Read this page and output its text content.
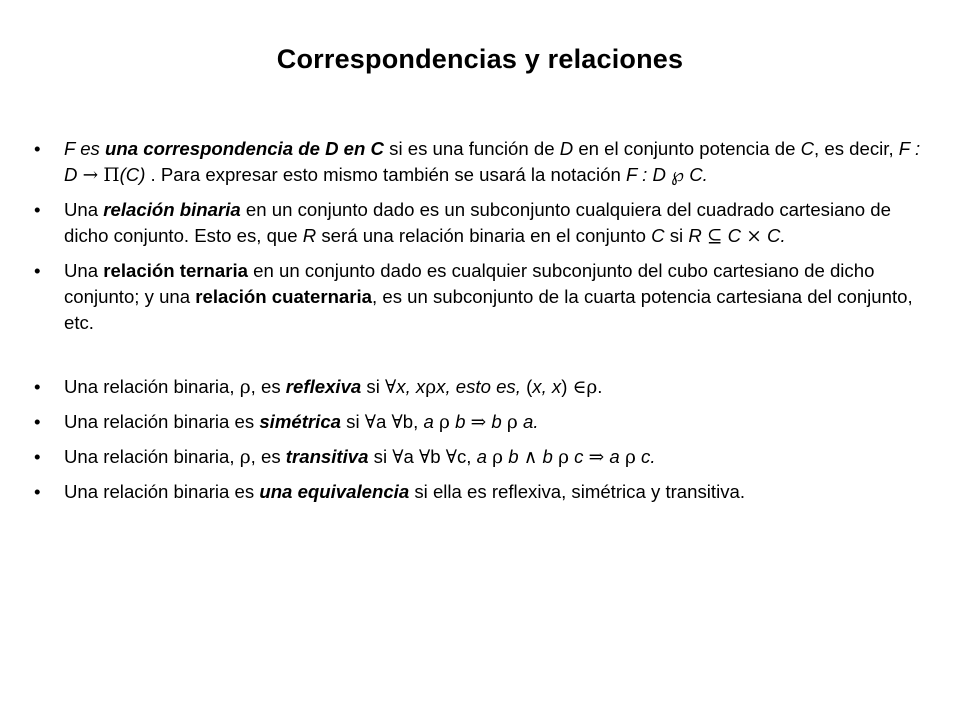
Correspondencias y relaciones
• F es una correspondencia de D en C si es una función de D en el conjunto potencia de C, es decir, F : D → Π(C) . Para expresar esto mismo también se usará la notación F : D ℘ C.
• Una relación binaria en un conjunto dado es un subconjunto cualquiera del cuadrado cartesiano de dicho conjunto. Esto es, que R será una relación binaria en el conjunto C si R ⊆ C × C.
• Una relación ternaria en un conjunto dado es cualquier subconjunto del cubo cartesiano de dicho conjunto; y una relación cuaternaria, es un subconjunto de la cuarta potencia cartesiana del conjunto, etc.
• Una relación binaria, ρ, es reflexiva si ∀x, xρx, esto es, (x, x) ∈ρ.
• Una relación binaria es simétrica si ∀a ∀b, a ρ b ⇒ b ρ a.
• Una relación binaria, ρ, es transitiva si ∀a ∀b ∀c, a ρ b ∧ b ρ c ⇒ a ρ c.
• Una relación binaria es una equivalencia si ella es reflexiva, simétrica y transitiva.
